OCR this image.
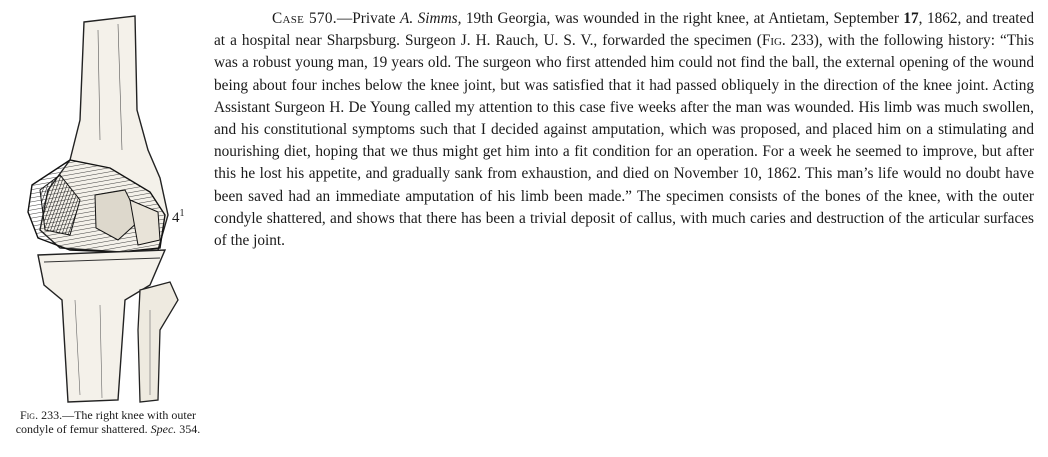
$4^1$
Fig. 233.—The right knee with outer condyle of femur shattered. Spec. 354.

Case 570.—Private A. Simms, 19th Georgia, was wounded in the right knee, at Antietam, September 17, 1862, and treated at a hospital near Sharpsburg. Surgeon J. H. Rauch, U. S. V., forwarded the specimen (Fig. 233), with the following history: “This was a robust young man, 19 years old. The surgeon who first attended him could not find the ball, the external opening of the wound being about four inches below the knee joint, but was satisfied that it had passed obliquely in the direction of the knee joint. Acting Assistant Surgeon H. De Young called my attention to this case five weeks after the man was wounded. His limb was much swollen, and his constitutional symptoms such that I decided against amputation, which was proposed, and placed him on a stimulating and nourishing diet, hoping that we thus might get him into a fit condition for an operation. For a week he seemed to improve, but after this he lost his appetite, and gradually sank from exhaustion, and died on November 10, 1862. This man’s life would no doubt have been saved had an immediate amputation of his limb been made.” The specimen consists of the bones of the knee, with the outer condyle shattered, and shows that there has been a trivial deposit of callus, with much caries and destruction of the articular surfaces of the joint.
